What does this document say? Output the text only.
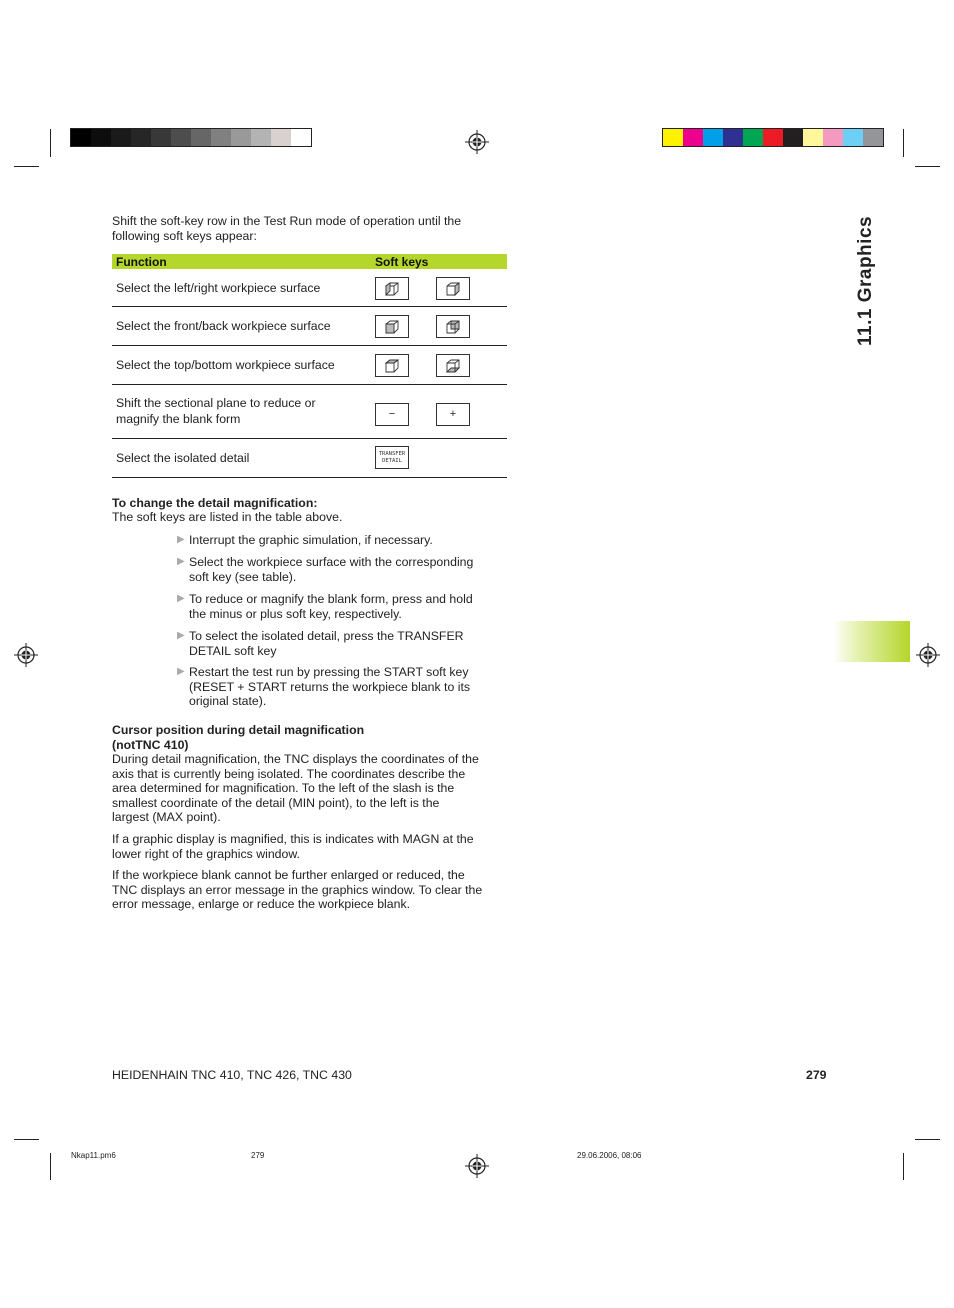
11.1 Graphics
Shift the soft-key row in the Test Run mode of operation until the
following soft keys appear:
Function	Soft keys
Select the left/right workpiece surface
Select the front/back workpiece surface
Select the top/bottom workpiece surface
Shift the sectional plane to reduce or
magnify the blank form	−	+
Select the isolated detail	TRANSFER
DETAIL
To change the detail magnification:
The soft keys are listed in the table above.
▶ Interrupt the graphic simulation, if necessary.
▶ Select the workpiece surface with the corresponding
soft key (see table).
▶ To reduce or magnify the blank form, press and hold
the minus or plus soft key, respectively.
▶ To select the isolated detail, press the TRANSFER
DETAIL soft key
▶ Restart the test run by pressing the START soft key
(RESET + START returns the workpiece blank to its
original state).
Cursor position during detail magnification
(notTNC 410)
During detail magnification, the TNC displays the coordinates of the
axis that is currently being isolated. The coordinates describe the
area determined for magnification. To the left of the slash is the
smallest coordinate of the detail (MIN point), to the left is the
largest (MAX point).
If a graphic display is magnified, this is indicates with MAGN at the
lower right of the graphics window.
If the workpiece blank cannot be further enlarged or reduced, the
TNC displays an error message in the graphics window. To clear the
error message, enlarge or reduce the workpiece blank.
HEIDENHAIN TNC 410, TNC 426, TNC 430	279
Nkap11.pm6	279	29.06.2006, 08:06
